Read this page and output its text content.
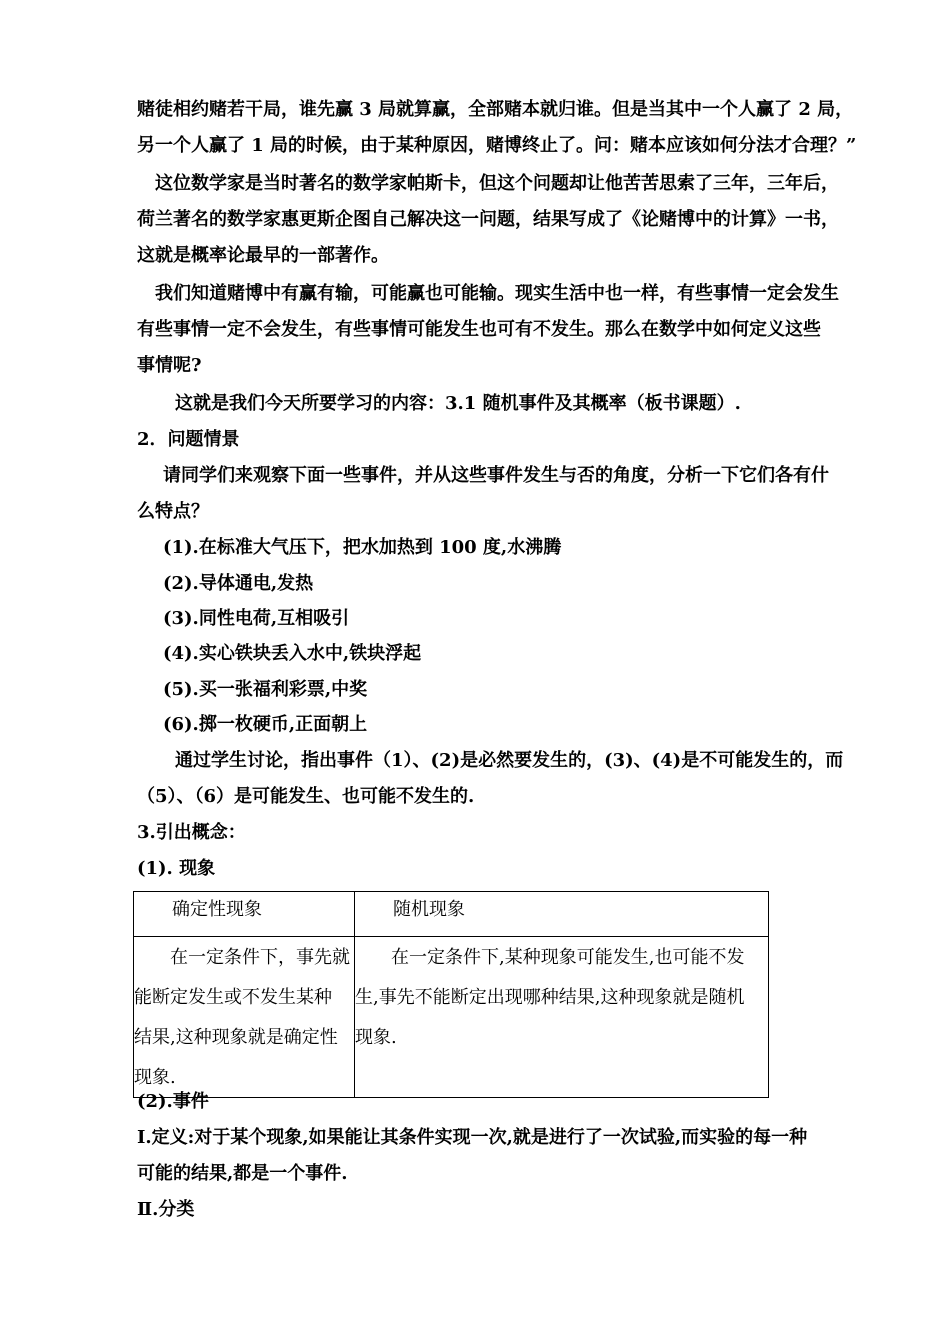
赌徒相约赌若干局，谁先赢 3 局就算赢，全部赌本就归谁。但是当其中一个人赢了 2 局，
另一个人赢了 1 局的时候，由于某种原因，赌博终止了。问：赌本应该如何分法才合理？”
这位数学家是当时著名的数学家帕斯卡，但这个问题却让他苦苦思索了三年，三年后，
荷兰著名的数学家惠更斯企图自己解决这一问题，结果写成了《论赌博中的计算》一书，
这就是概率论最早的一部著作。
我们知道赌博中有赢有输，可能赢也可能输。现实生活中也一样，有些事情一定会发生
有些事情一定不会发生，有些事情可能发生也可有不发生。那么在数学中如何定义这些
事情呢?
这就是我们今天所要学习的内容：3.1 随机事件及其概率（板书课题）.
2．问题情景
请同学们来观察下面一些事件，并从这些事件发生与否的角度，分析一下它们各有什
么特点？
(1).在标准大气压下，把水加热到 100 度,水沸腾
(2).导体通电,发热
(3).同性电荷,互相吸引
(4).实心铁块丢入水中,铁块浮起
(5).买一张福利彩票,中奖
(6).掷一枚硬币,正面朝上
通过学生讨论，指出事件（1）、(2)是必然要发生的，(3)、(4)是不可能发生的，而
（5）、（6）是可能发生、也可能不发生的.
3.引出概念：
(1). 现象
确定性现象	随机现象

　　在一定条件下，事先就
能断定发生或不发生某种
结果,这种现象就是确定性
现象.	　　在一定条件下,某种现象可能发生,也可能不发
生,事先不能断定出现哪种结果,这种现象就是随机
现象.
(2).事件
Ⅰ.定义:对于某个现象,如果能让其条件实现一次,就是进行了一次试验,而实验的每一种
可能的结果,都是一个事件.
Ⅱ.分类
